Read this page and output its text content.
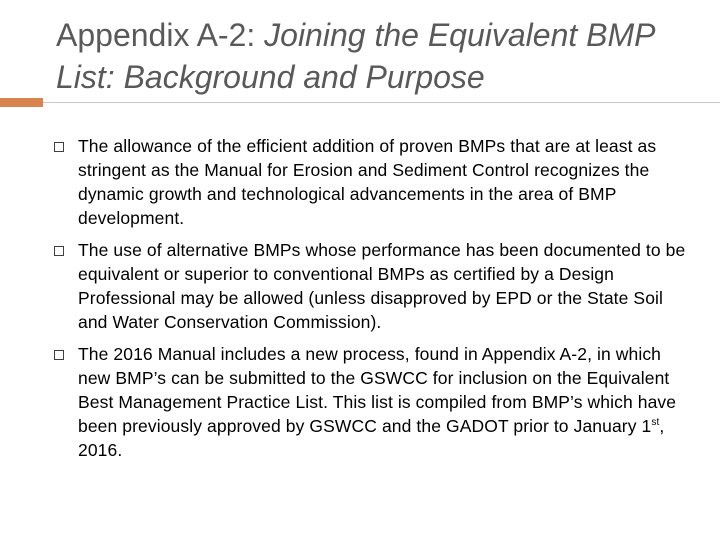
Appendix A-2: Joining the Equivalent BMP List: Background and Purpose
The allowance of the efficient addition of proven BMPs that are at least as stringent as the Manual for Erosion and Sediment Control recognizes the dynamic growth and technological advancements in the area of BMP development.
The use of alternative BMPs whose performance has been documented to be equivalent or superior to conventional BMPs as certified by a Design Professional may be allowed (unless disapproved by EPD or the State Soil and Water Conservation Commission).
The 2016 Manual includes a new process, found in Appendix A-2, in which new BMP’s can be submitted to the GSWCC for inclusion on the Equivalent Best Management Practice List. This list is compiled from BMP’s which have been previously approved by GSWCC and the GADOT prior to January 1st, 2016.
